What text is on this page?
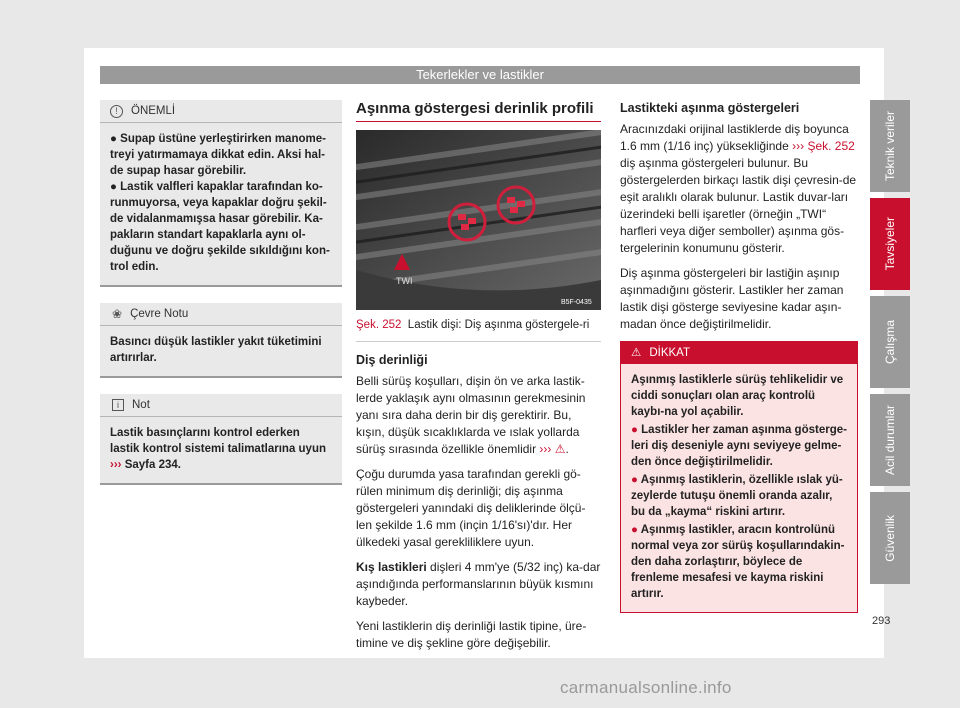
Tekerlekler ve lastikler
!	ÖNEMLİ

● Supap üstüne yerleştirirken manome-treyi yatırmamaya dikkat edin. Aksi hal-de supap hasar görebilir.

● Lastik valfleri kapaklar tarafından ko-runmuyorsa, veya kapaklar doğru şekil-de vidalanmamışsa hasar görebilir. Ka-pakların standart kapaklarla aynı ol-duğunu ve doğru şekilde sıkıldığını kon-trol edin.

❀ Çevre Notu

Basıncı düşük lastikler yakıt tüketimini artırırlar.

i	Not

Lastik basınçlarını kontrol ederken lastik kontrol sistemi talimatlarına uyun ››› Sayfa 234.

Aşınma göstergesi derinlik profili
TWI
B5F-0435
Şek. 252 Lastik dişi: Diş aşınma göstergele-ri

Diş derinliği

Belli sürüş koşulları, dişin ön ve arka lastik-lerde yaklaşık aynı olmasının gerekmesinin yanı sıra daha derin bir diş gerektirir. Bu, kışın, düşük sıcaklıklarda ve ıslak yollarda sürüş sırasında özellikle önemlidir ››› ⚠.

Çoğu durumda yasa tarafından gerekli gö-rülen minimum diş derinliği; diş aşınma göstergeleri yanındaki diş deliklerinde ölçü-len şekilde 1.6 mm (inçin 1/16'sı)'dır. Her ülkedeki yasal gerekliliklere uyun.

Kış lastikleri dişleri 4 mm'ye (5/32 inç) ka-dar aşındığında performanslarının büyük kısmını kaybeder.

Yeni lastiklerin diş derinliği lastik tipine, üre-timine ve diş şekline göre değişebilir.

Lastikteki aşınma göstergeleri

Aracınızdaki orijinal lastiklerde diş boyunca 1.6 mm (1/16 inç) yüksekliğinde ››› Şek. 252 diş aşınma göstergeleri bulunur. Bu göstergelerden birkaçı lastik dişi çevresin-de eşit aralıklı olarak bulunur. Lastik duvar-ları üzerindeki belli işaretler (örneğin „TWI“ harfleri veya diğer semboller) aşınma gös-tergelerinin konumunu gösterir.

Diş aşınma göstergeleri bir lastiğin aşınıp aşınmadığını gösterir. Lastikler her zaman lastik dişi gösterge seviyesine kadar aşın-madan önce değiştirilmelidir.

⚠ DİKKAT

Aşınmış lastiklerle sürüş tehlikelidir ve ciddi sonuçları olan araç kontrolü kaybı-na yol açabilir.

● Lastikler her zaman aşınma gösterge-leri diş deseniyle aynı seviyeye gelme-den önce değiştirilmelidir.

● Aşınmış lastiklerin, özellikle ıslak yü-zeylerde tutuşu önemli oranda azalır, bu da „kayma“ riskini artırır.

● Aşınmış lastikler, aracın kontrolünü normal veya zor sürüş koşullarındakin-den daha zorlaştırır, böylece de frenleme mesafesi ve kayma riskini artırır.

Teknik veriler
Tavsiyeler
Çalışma
Acil durumlar
Güvenlik
293
carmanualsonline.info
